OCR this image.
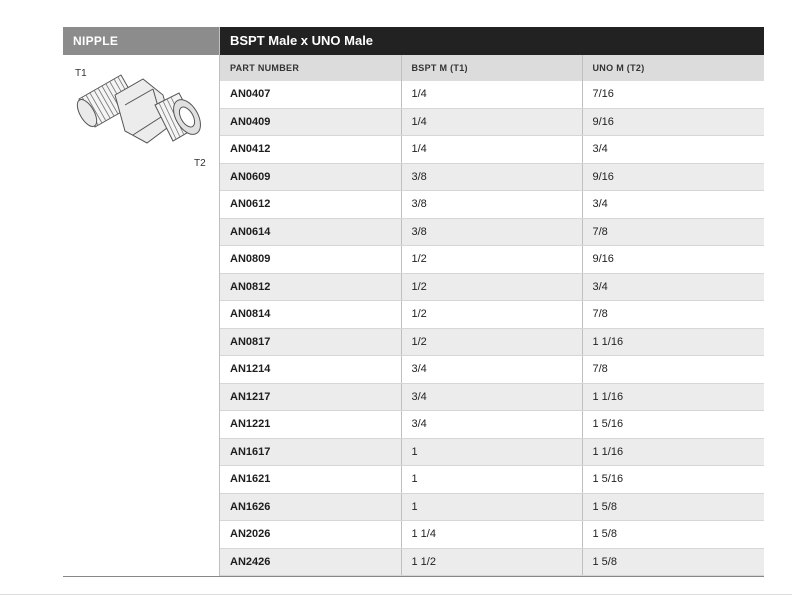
NIPPLE
T1
T2
BSPT Male x UNO Male
PART NUMBER	BSPT M (T1)	UNO M (T2)
AN0407	1/4	7/16
AN0409	1/4	9/16
AN0412	1/4	3/4
AN0609	3/8	9/16
AN0612	3/8	3/4
AN0614	3/8	7/8
AN0809	1/2	9/16
AN0812	1/2	3/4
AN0814	1/2	7/8
AN0817	1/2	1 1/16
AN1214	3/4	7/8
AN1217	3/4	1 1/16
AN1221	3/4	1 5/16
AN1617	1	1 1/16
AN1621	1	1 5/16
AN1626	1	1 5/8
AN2026	1 1/4	1 5/8
AN2426	1 1/2	1 5/8
